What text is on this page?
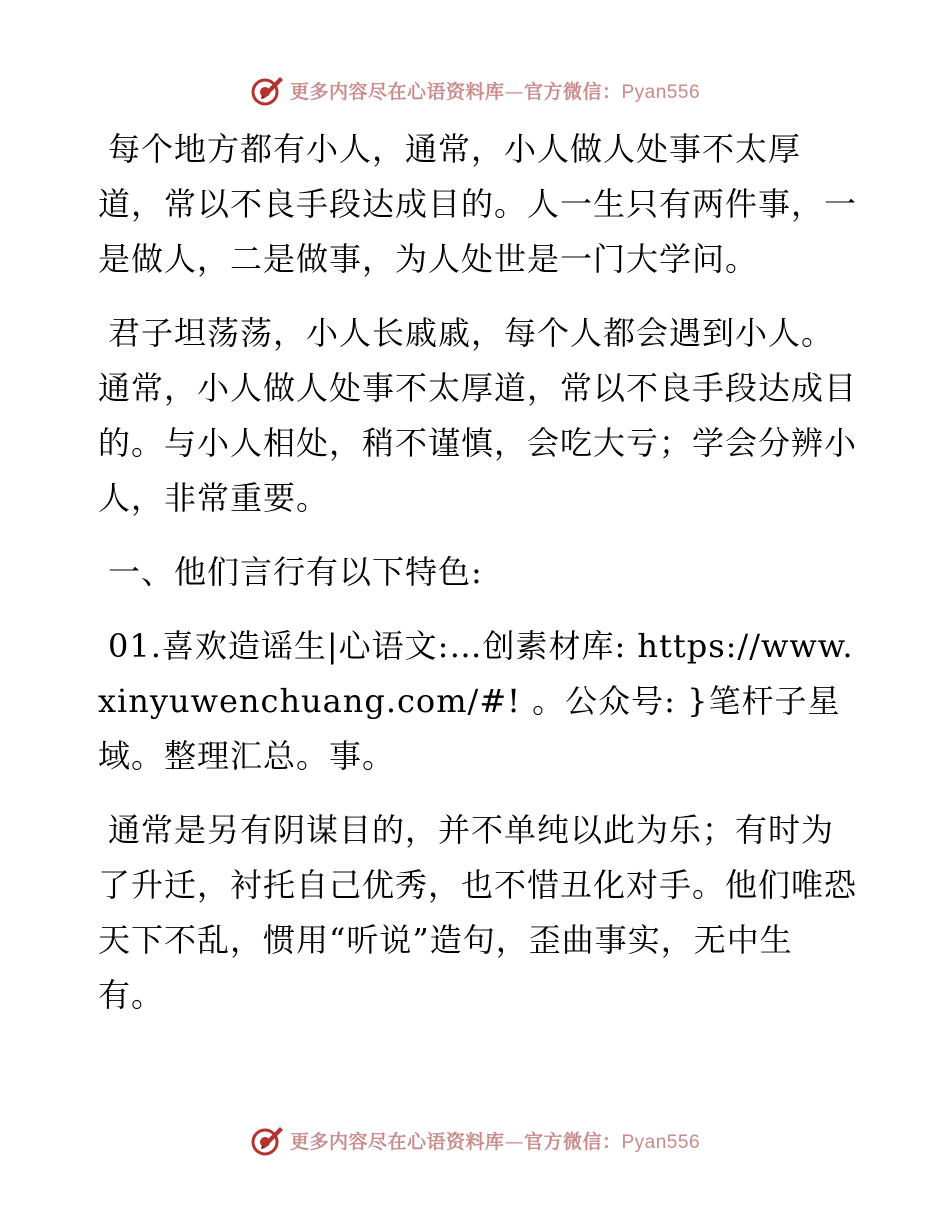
更多内容尽在心语资料库—官方微信：Pyan556

每个地方都有小人，通常，小人做人处事不太厚道，常以不良手段达成目的。人一生只有两件事，一是做人，二是做事，为人处世是一门大学问。

君子坦荡荡，小人长戚戚，每个人都会遇到小人。通常，小人做人处事不太厚道，常以不良手段达成目的。与小人相处，稍不谨慎，会吃大亏；学会分辨小人，非常重要。

一、他们言行有以下特色:

01.喜欢造谣生|心语文:…创素材库: https://www.xinyuwenchuang.com/#! 。公众号: }笔杆子星域。整理汇总。事。

通常是另有阴谋目的，并不单纯以此为乐；有时为了升迁，衬托自己优秀，也不惜丑化对手。他们唯恐天下不乱，惯用“听说”造句，歪曲事实，无中生有。

更多内容尽在心语资料库—官方微信：Pyan556
